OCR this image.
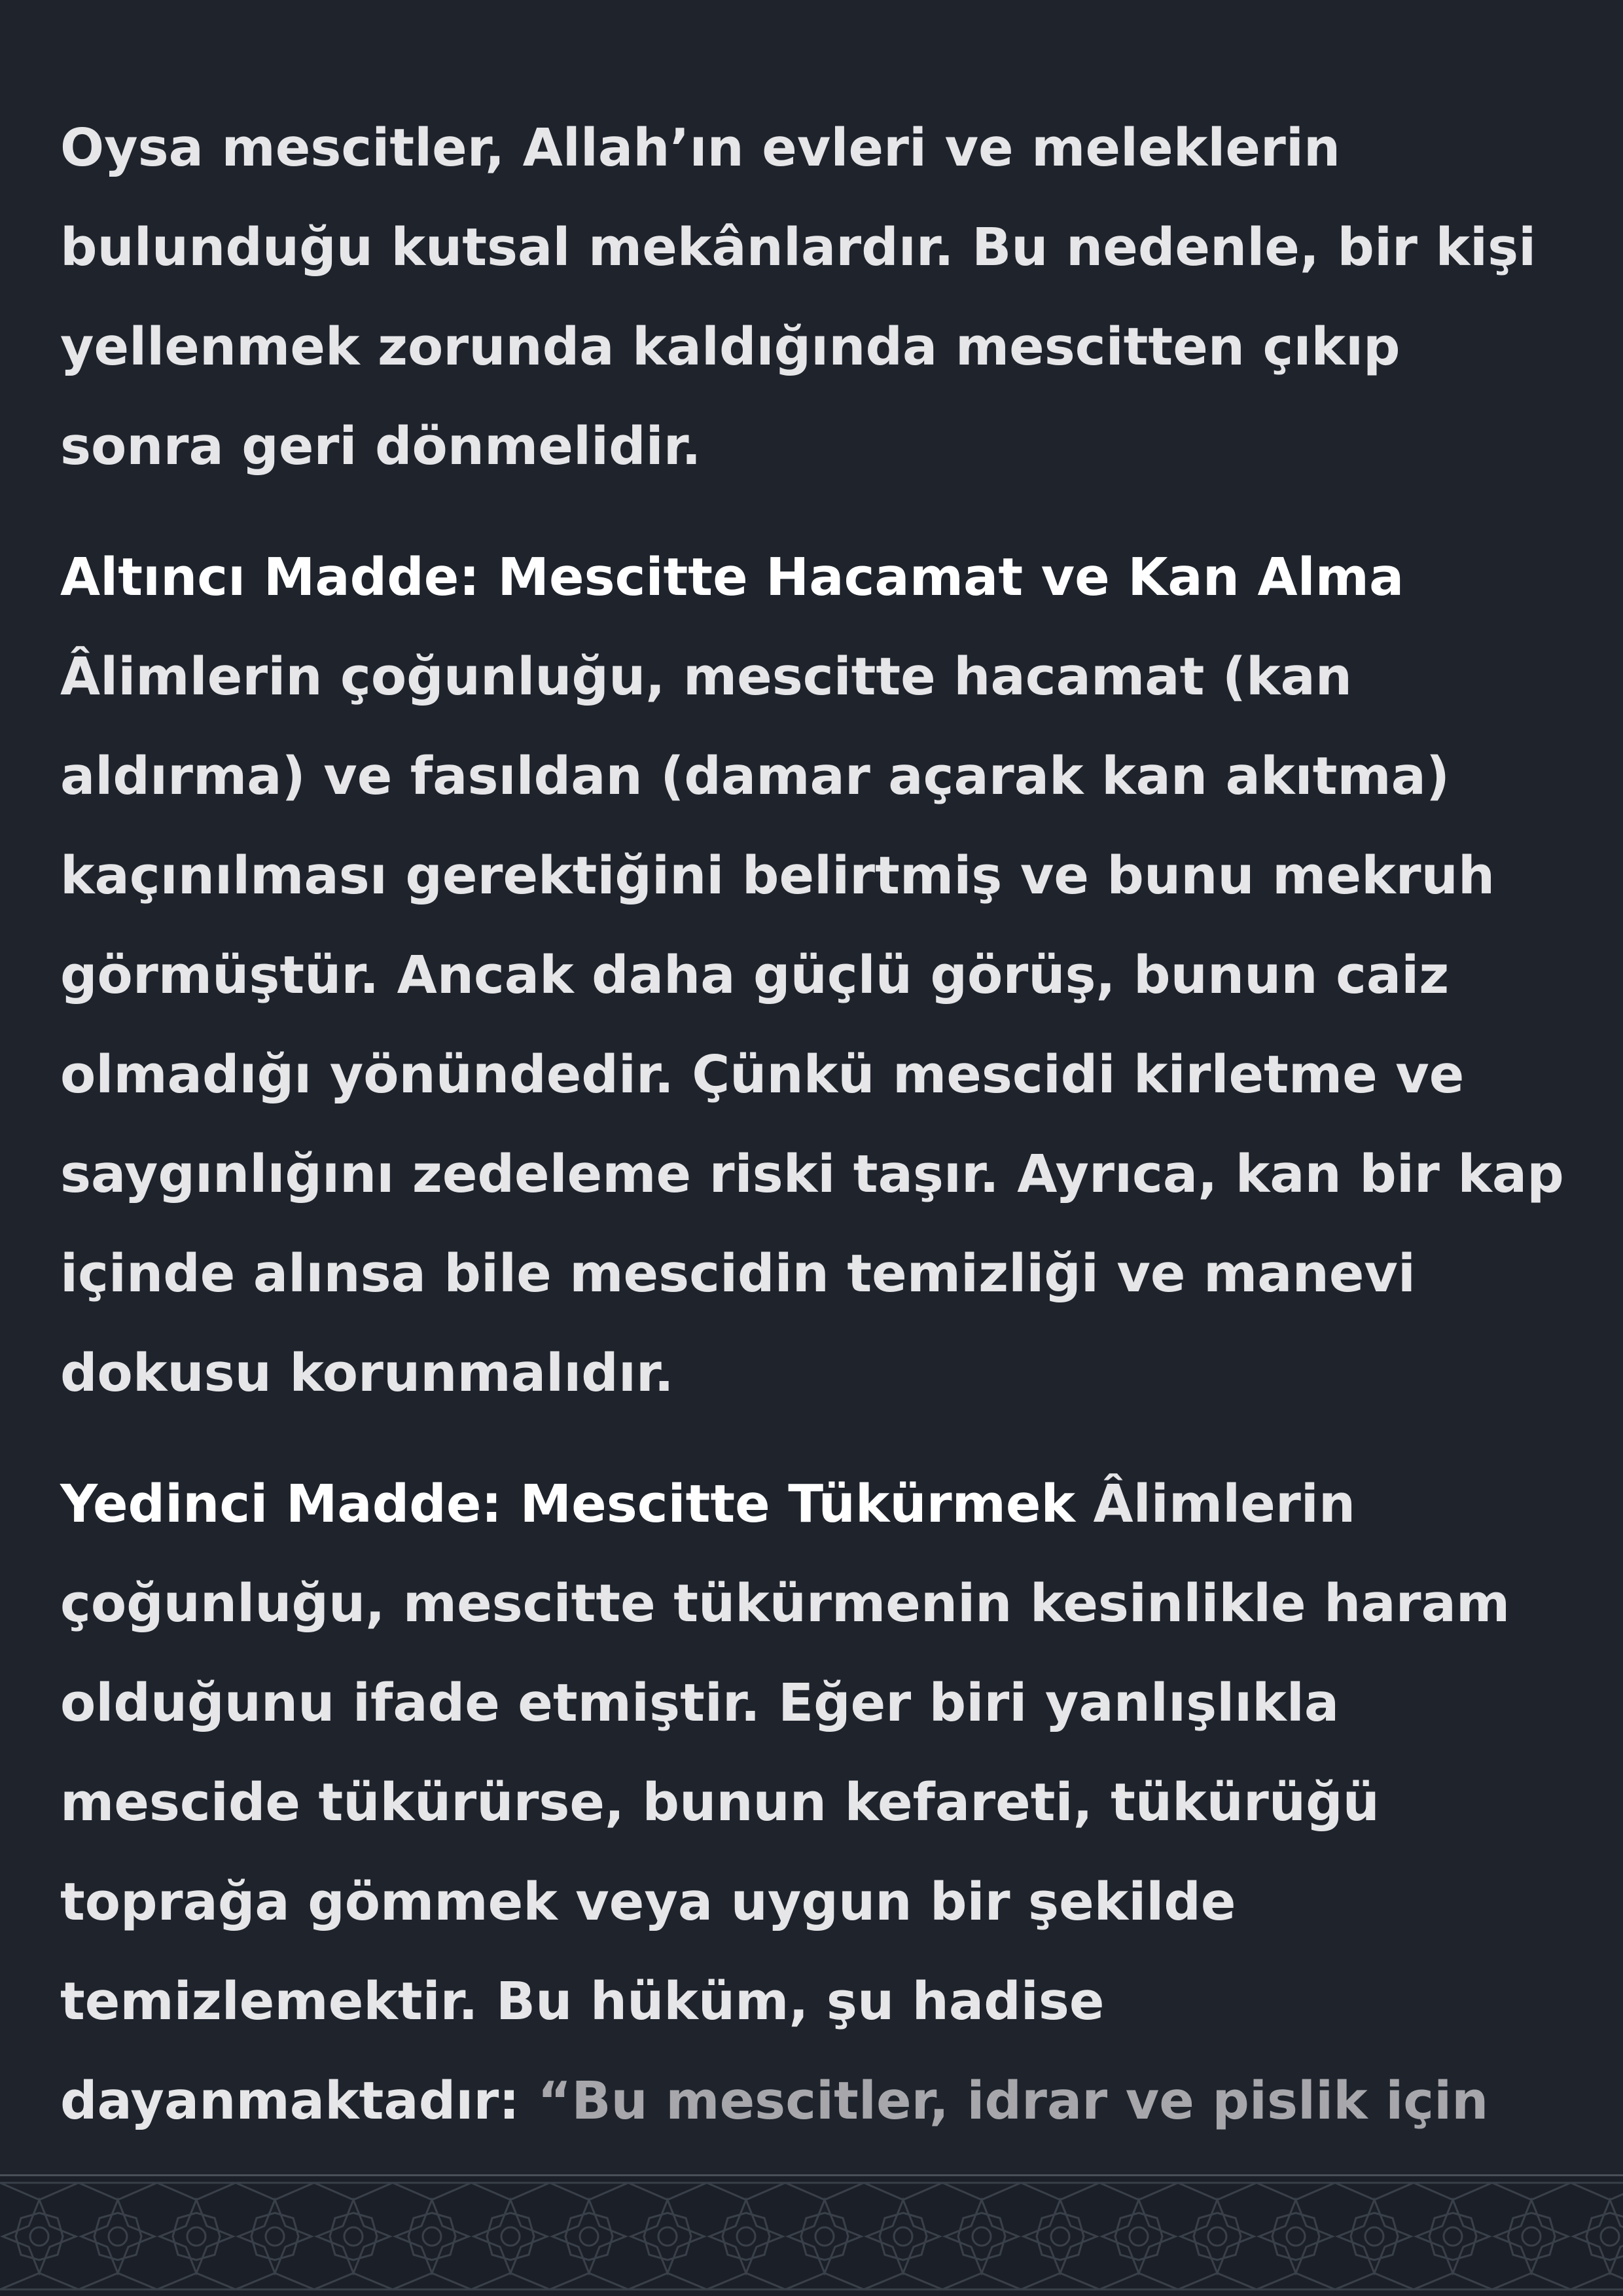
Oysa mescitler, Allah’ın evleri ve meleklerin bulunduğu kutsal mekânlardır. Bu nedenle, bir kişi yellenmek zorunda kaldığında mescitten çıkıp sonra geri dönmelidir.

Altıncı Madde: Mescitte Hacamat ve Kan Alma
Âlimlerin çoğunluğu, mescitte hacamat (kan aldırma) ve fasıldan (damar açarak kan akıtma) kaçınılması gerektiğini belirtmiş ve bunu mekruh görmüştür. Ancak daha güçlü görüş, bunun caiz olmadığı yönündedir. Çünkü mescidi kirletme ve saygınlığını zedeleme riski taşır. Ayrıca, kan bir kap içinde alınsa bile mescidin temizliği ve manevi dokusu korunmalıdır.

Yedinci Madde: Mescitte Tükürmek Âlimlerin çoğunluğu, mescitte tükürmenin kesinlikle haram olduğunu ifade etmiştir. Eğer biri yanlışlıkla mescide tükürürse, bunun kefareti, tükürüğü toprağa gömmek veya uygun bir şekilde temizlemektir. Bu hüküm, şu hadise dayanmaktadır: “Bu mescitler, idrar ve pislik için
